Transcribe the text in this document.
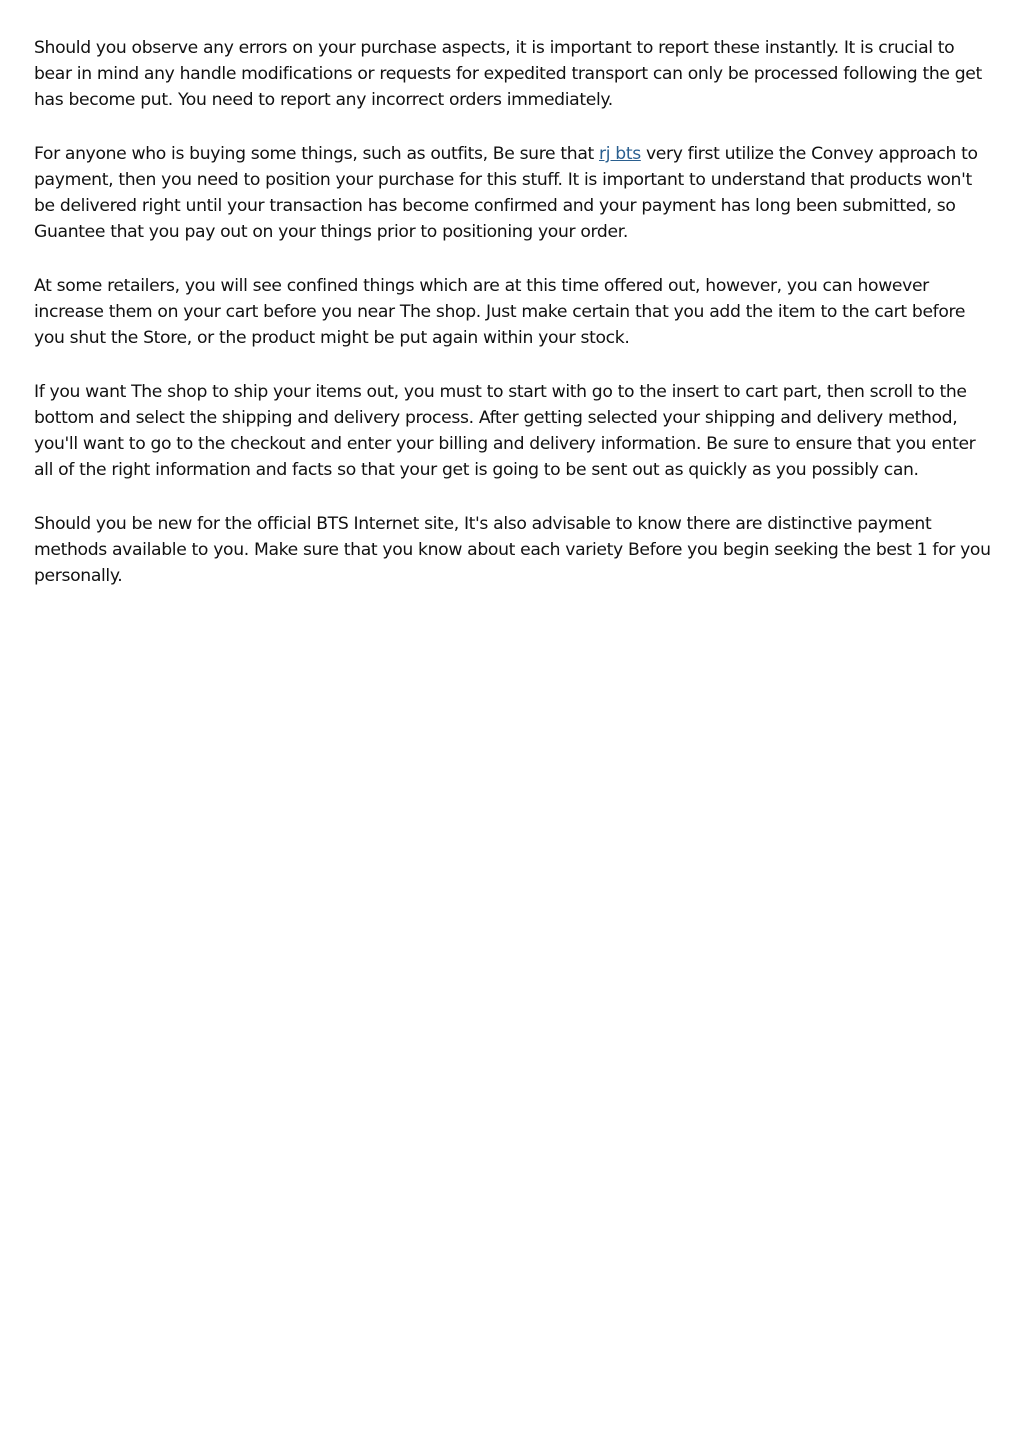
Should you observe any errors on your purchase aspects, it is important to report these instantly. It is crucial to bear in mind any handle modifications or requests for expedited transport can only be processed following the get has become put. You need to report any incorrect orders immediately.

For anyone who is buying some things, such as outfits, Be sure that rj bts very first utilize the Convey approach to payment, then you need to position your purchase for this stuff. It is important to understand that products won't be delivered right until your transaction has become confirmed and your payment has long been submitted, so Guantee that you pay out on your things prior to positioning your order.

At some retailers, you will see confined things which are at this time offered out, however, you can however increase them on your cart before you near The shop. Just make certain that you add the item to the cart before you shut the Store, or the product might be put again within your stock.

If you want The shop to ship your items out, you must to start with go to the insert to cart part, then scroll to the bottom and select the shipping and delivery process. After getting selected your shipping and delivery method, you'll want to go to the checkout and enter your billing and delivery information. Be sure to ensure that you enter all of the right information and facts so that your get is going to be sent out as quickly as you possibly can.

Should you be new for the official BTS Internet site, It's also advisable to know there are distinctive payment methods available to you. Make sure that you know about each variety Before you begin seeking the best 1 for you personally.
